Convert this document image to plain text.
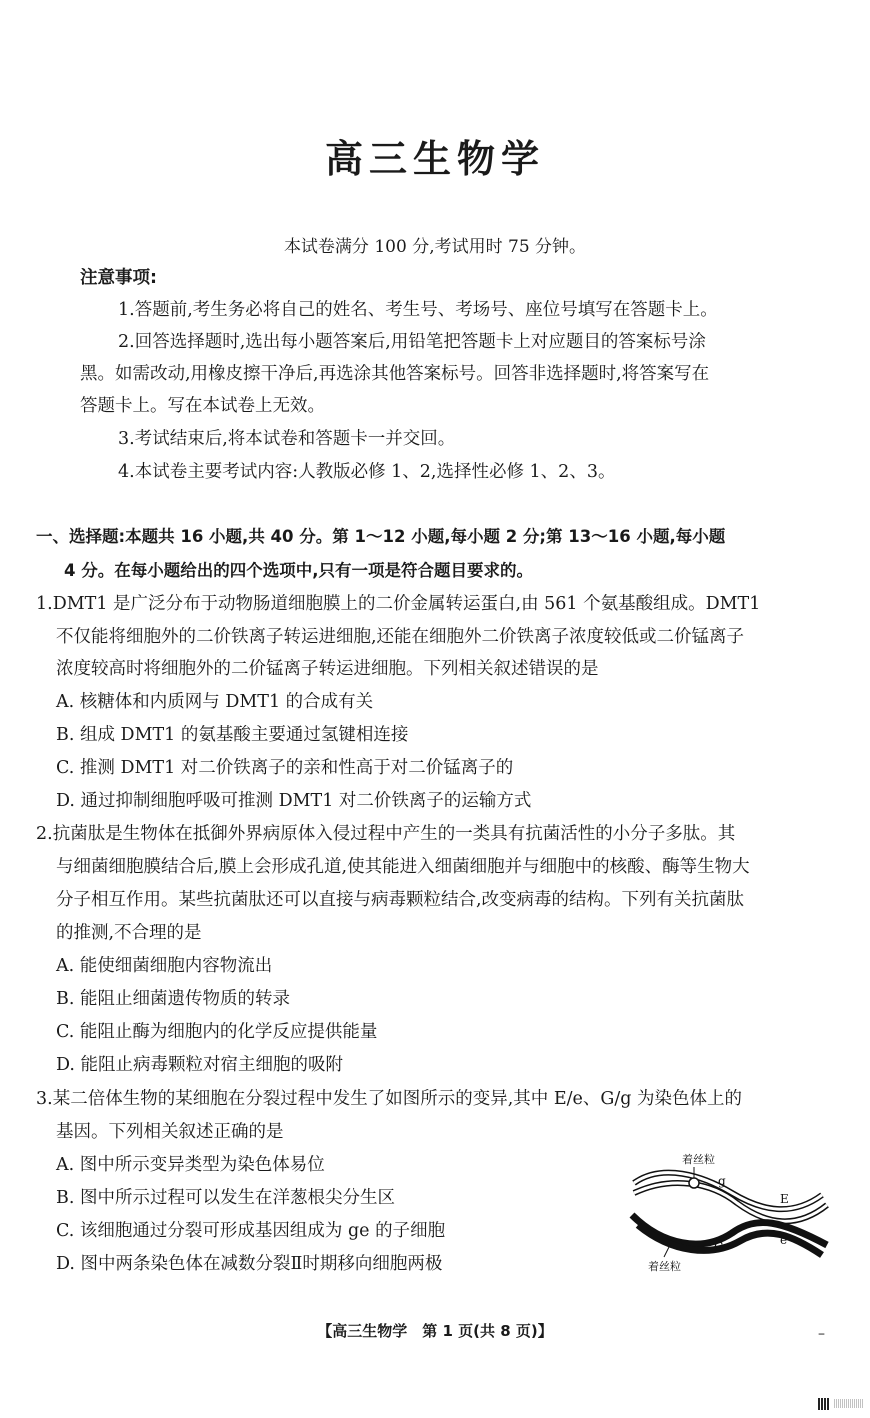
高三生物学
本试卷满分 100 分,考试用时 75 分钟。
注意事项:
1.答题前,考生务必将自己的姓名、考生号、考场号、座位号填写在答题卡上。
2.回答选择题时,选出每小题答案后,用铅笔把答题卡上对应题目的答案标号涂
黑。如需改动,用橡皮擦干净后,再选涂其他答案标号。回答非选择题时,将答案写在
答题卡上。写在本试卷上无效。
3.考试结束后,将本试卷和答题卡一并交回。
4.本试卷主要考试内容:人教版必修 1、2,选择性必修 1、2、3。
一、选择题:本题共 16 小题,共 40 分。第 1～12 小题,每小题 2 分;第 13～16 小题,每小题
4 分。在每小题给出的四个选项中,只有一项是符合题目要求的。
1.DMT1 是广泛分布于动物肠道细胞膜上的二价金属转运蛋白,由 561 个氨基酸组成。DMT1
不仅能将细胞外的二价铁离子转运进细胞,还能在细胞外二价铁离子浓度较低或二价锰离子
浓度较高时将细胞外的二价锰离子转运进细胞。下列相关叙述错误的是
A. 核糖体和内质网与 DMT1 的合成有关
B. 组成 DMT1 的氨基酸主要通过氢键相连接
C. 推测 DMT1 对二价铁离子的亲和性高于对二价锰离子的
D. 通过抑制细胞呼吸可推测 DMT1 对二价铁离子的运输方式
2.抗菌肽是生物体在抵御外界病原体入侵过程中产生的一类具有抗菌活性的小分子多肽。其
与细菌细胞膜结合后,膜上会形成孔道,使其能进入细菌细胞并与细胞中的核酸、酶等生物大
分子相互作用。某些抗菌肽还可以直接与病毒颗粒结合,改变病毒的结构。下列有关抗菌肽
的推测,不合理的是
A. 能使细菌细胞内容物流出
B. 能阻止细菌遗传物质的转录
C. 能阻止酶为细胞内的化学反应提供能量
D. 能阻止病毒颗粒对宿主细胞的吸附
3.某二倍体生物的某细胞在分裂过程中发生了如图所示的变异,其中 E/e、G/g 为染色体上的
基因。下列相关叙述正确的是
A. 图中所示变异类型为染色体易位
B. 图中所示过程可以发生在洋葱根尖分生区
C. 该细胞通过分裂可形成基因组成为 ge 的子细胞
D. 图中两条染色体在减数分裂Ⅱ时期移向细胞两极
着丝粒
g
E
G	e
着丝粒
【高三生物学　第 1 页(共 8 页)】	–
